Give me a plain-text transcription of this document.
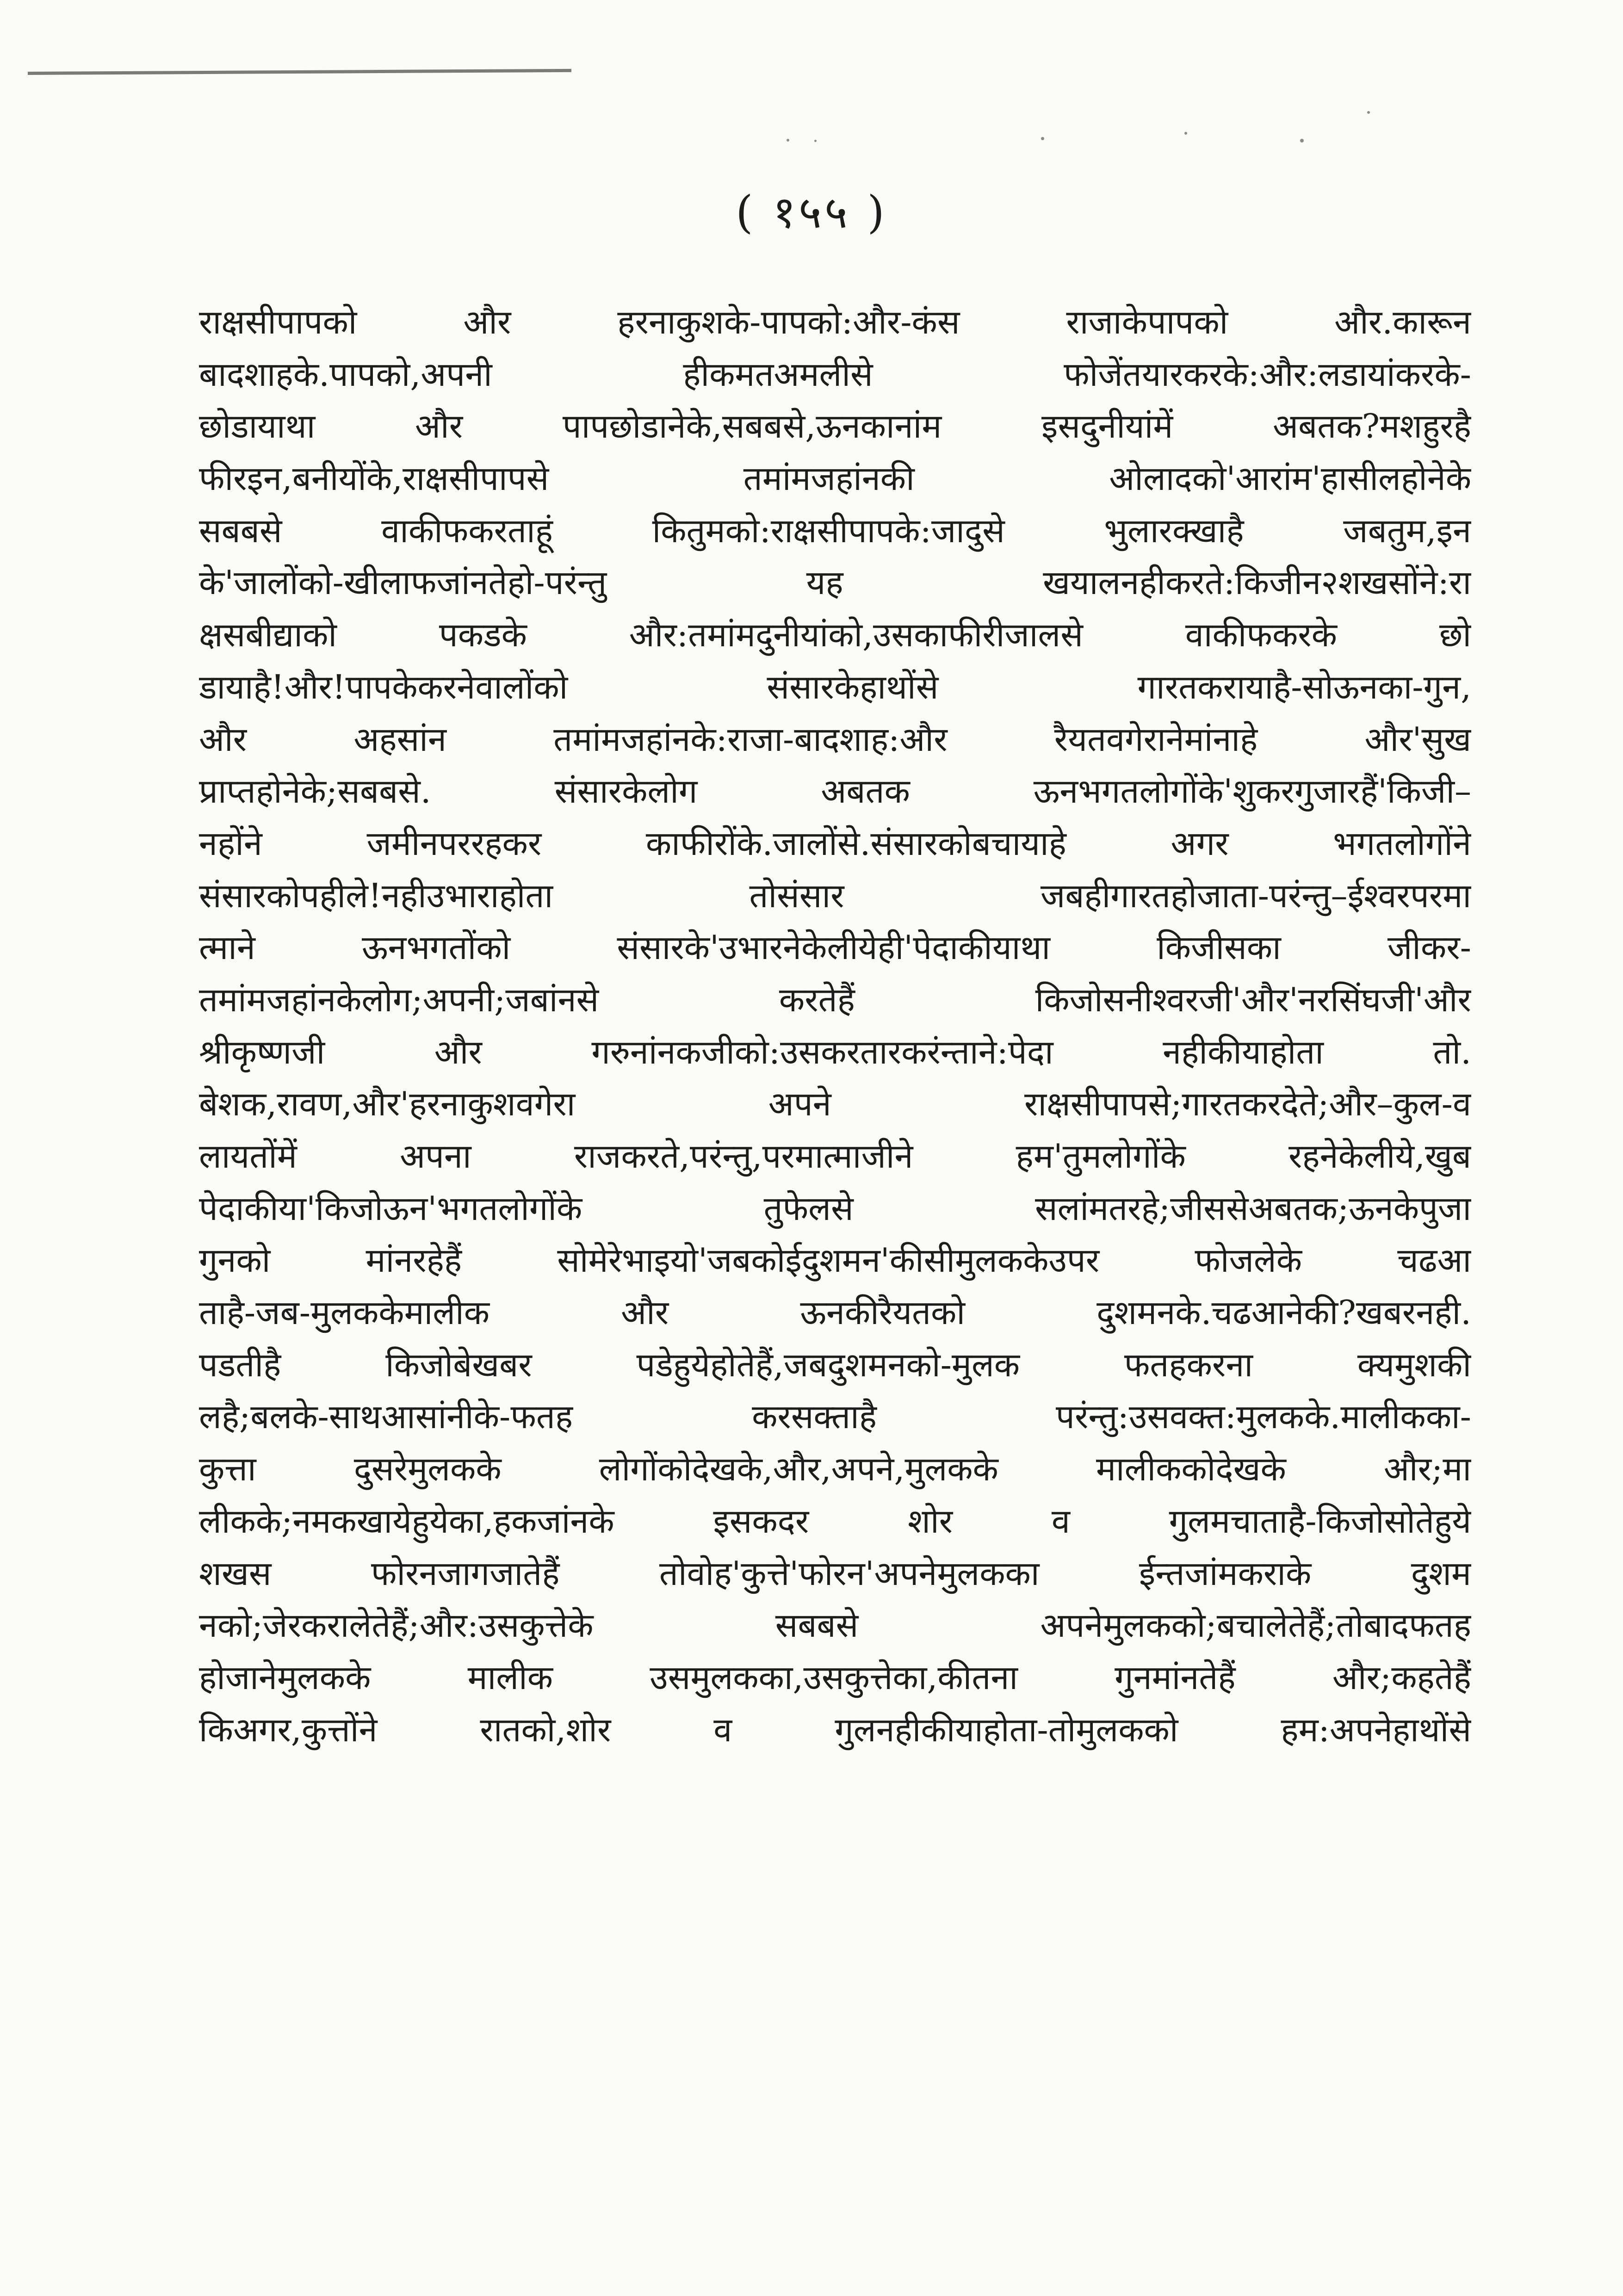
( १५५ )
राक्षसीपापको और हरनाकुशके-पापको:और-कंस राजाकेपापको और.कारून
बादशाहके.पापको,अपनी हीकमतअमलीसे फोजेंतयारकरके:और:लडायांकरके-
छोडायाथा और पापछोडानेके,सबबसे,ऊनकानांम इसदुनीयांमें अबतक?मशहुरहै
फीरइन,बनीयोंके,राक्षसीपापसे तमांमजहांनकी ओलादको'आरांम'हासीलहोनेके
सबबसे वाकीफकरताहूं कितुमको:राक्षसीपापके:जादुसे भुलारक्खाहै जबतुम,इन
के'जालोंको-खीलाफजांनतेहो-परंन्तु यह खयालनहीकरते:किजीन२शखसोंने:रा
क्षसबीद्याको पकडके और:तमांमदुनीयांको,उसकाफीरीजालसे वाकीफकरके छो
डायाहै!और!पापकेकरनेवालोंको संसारकेहाथोंसे गारतकरायाहै-सोऊनका-गुन,
और अहसांन तमांमजहांनके:राजा-बादशाह:और रैयतवगेरानेमांनाहे और'सुख
प्राप्तहोनेके;सबबसे. संसारकेलोग अबतक ऊनभगतलोगोंके'शुकरगुजारहैं'किजी–
नहोंने जमीनपररहकर काफीरोंके.जालोंसे.संसारकोबचायाहे अगर भगतलोगोंने
संसारकोपहीले!नहीउभाराहोता तोसंसार जबहीगारतहोजाता-परंन्तु–ईश्वरपरमा
त्माने ऊनभगतोंको संसारके'उभारनेकेलीयेही'पेदाकीयाथा किजीसका जीकर-
तमांमजहांनकेलोग;अपनी;जबांनसे करतेहैं किजोसनीश्वरजी'और'नरसिंघजी'और
श्रीकृष्णजी और गरुनांनकजीको:उसकरतारकरंन्ताने:पेदा नहीकीयाहोता तो.
बेशक,रावण,और'हरनाकुशवगेरा अपने राक्षसीपापसे;गारतकरदेते;और–कुल-व
लायतोंमें अपना राजकरते,परंन्तु,परमात्माजीने हम'तुमलोगोंके रहनेकेलीये,खुब
पेदाकीया'किजोऊन'भगतलोगोंके तुफेलसे सलांमतरहे;जीससेअबतक;ऊनकेपुजा
गुनको मांनरहेहैं सोमेरेभाइयो'जबकोईदुशमन'कीसीमुलककेउपर फोजलेके चढआ
ताहै-जब-मुलककेमालीक और ऊनकीरैयतको दुशमनके.चढआनेकी?खबरनही.
पडतीहै किजोबेखबर पडेहुयेहोतेहैं,जबदुशमनको-मुलक फतहकरना क्यमुशकी
लहै;बलके-साथआसांनीके-फतह करसक्ताहै परंन्तु:उसवक्त:मुलकके.मालीकका-
कुत्ता दुसरेमुलकके लोगोंकोदेखके,और,अपने,मुलकके मालीककोदेखके और;मा
लीकके;नमकखायेहुयेका,हकजांनके इसकदर शोर व गुलमचाताहै-किजोसोतेहुये
शखस फोरनजागजातेहैं तोवोह'कुत्ते'फोरन'अपनेमुलकका ईन्तजांमकराके दुशम
नको;जेरकरालेतेहैं;और:उसकुत्तेके सबबसे अपनेमुलकको;बचालेतेहैं;तोबादफतह
होजानेमुलकके मालीक उसमुलकका,उसकुत्तेका,कीतना गुनमांनतेहैं और;कहतेहैं
किअगर,कुत्तोंने रातको,शोर व गुलनहीकीयाहोता-तोमुलकको हम:अपनेहाथोंसे
